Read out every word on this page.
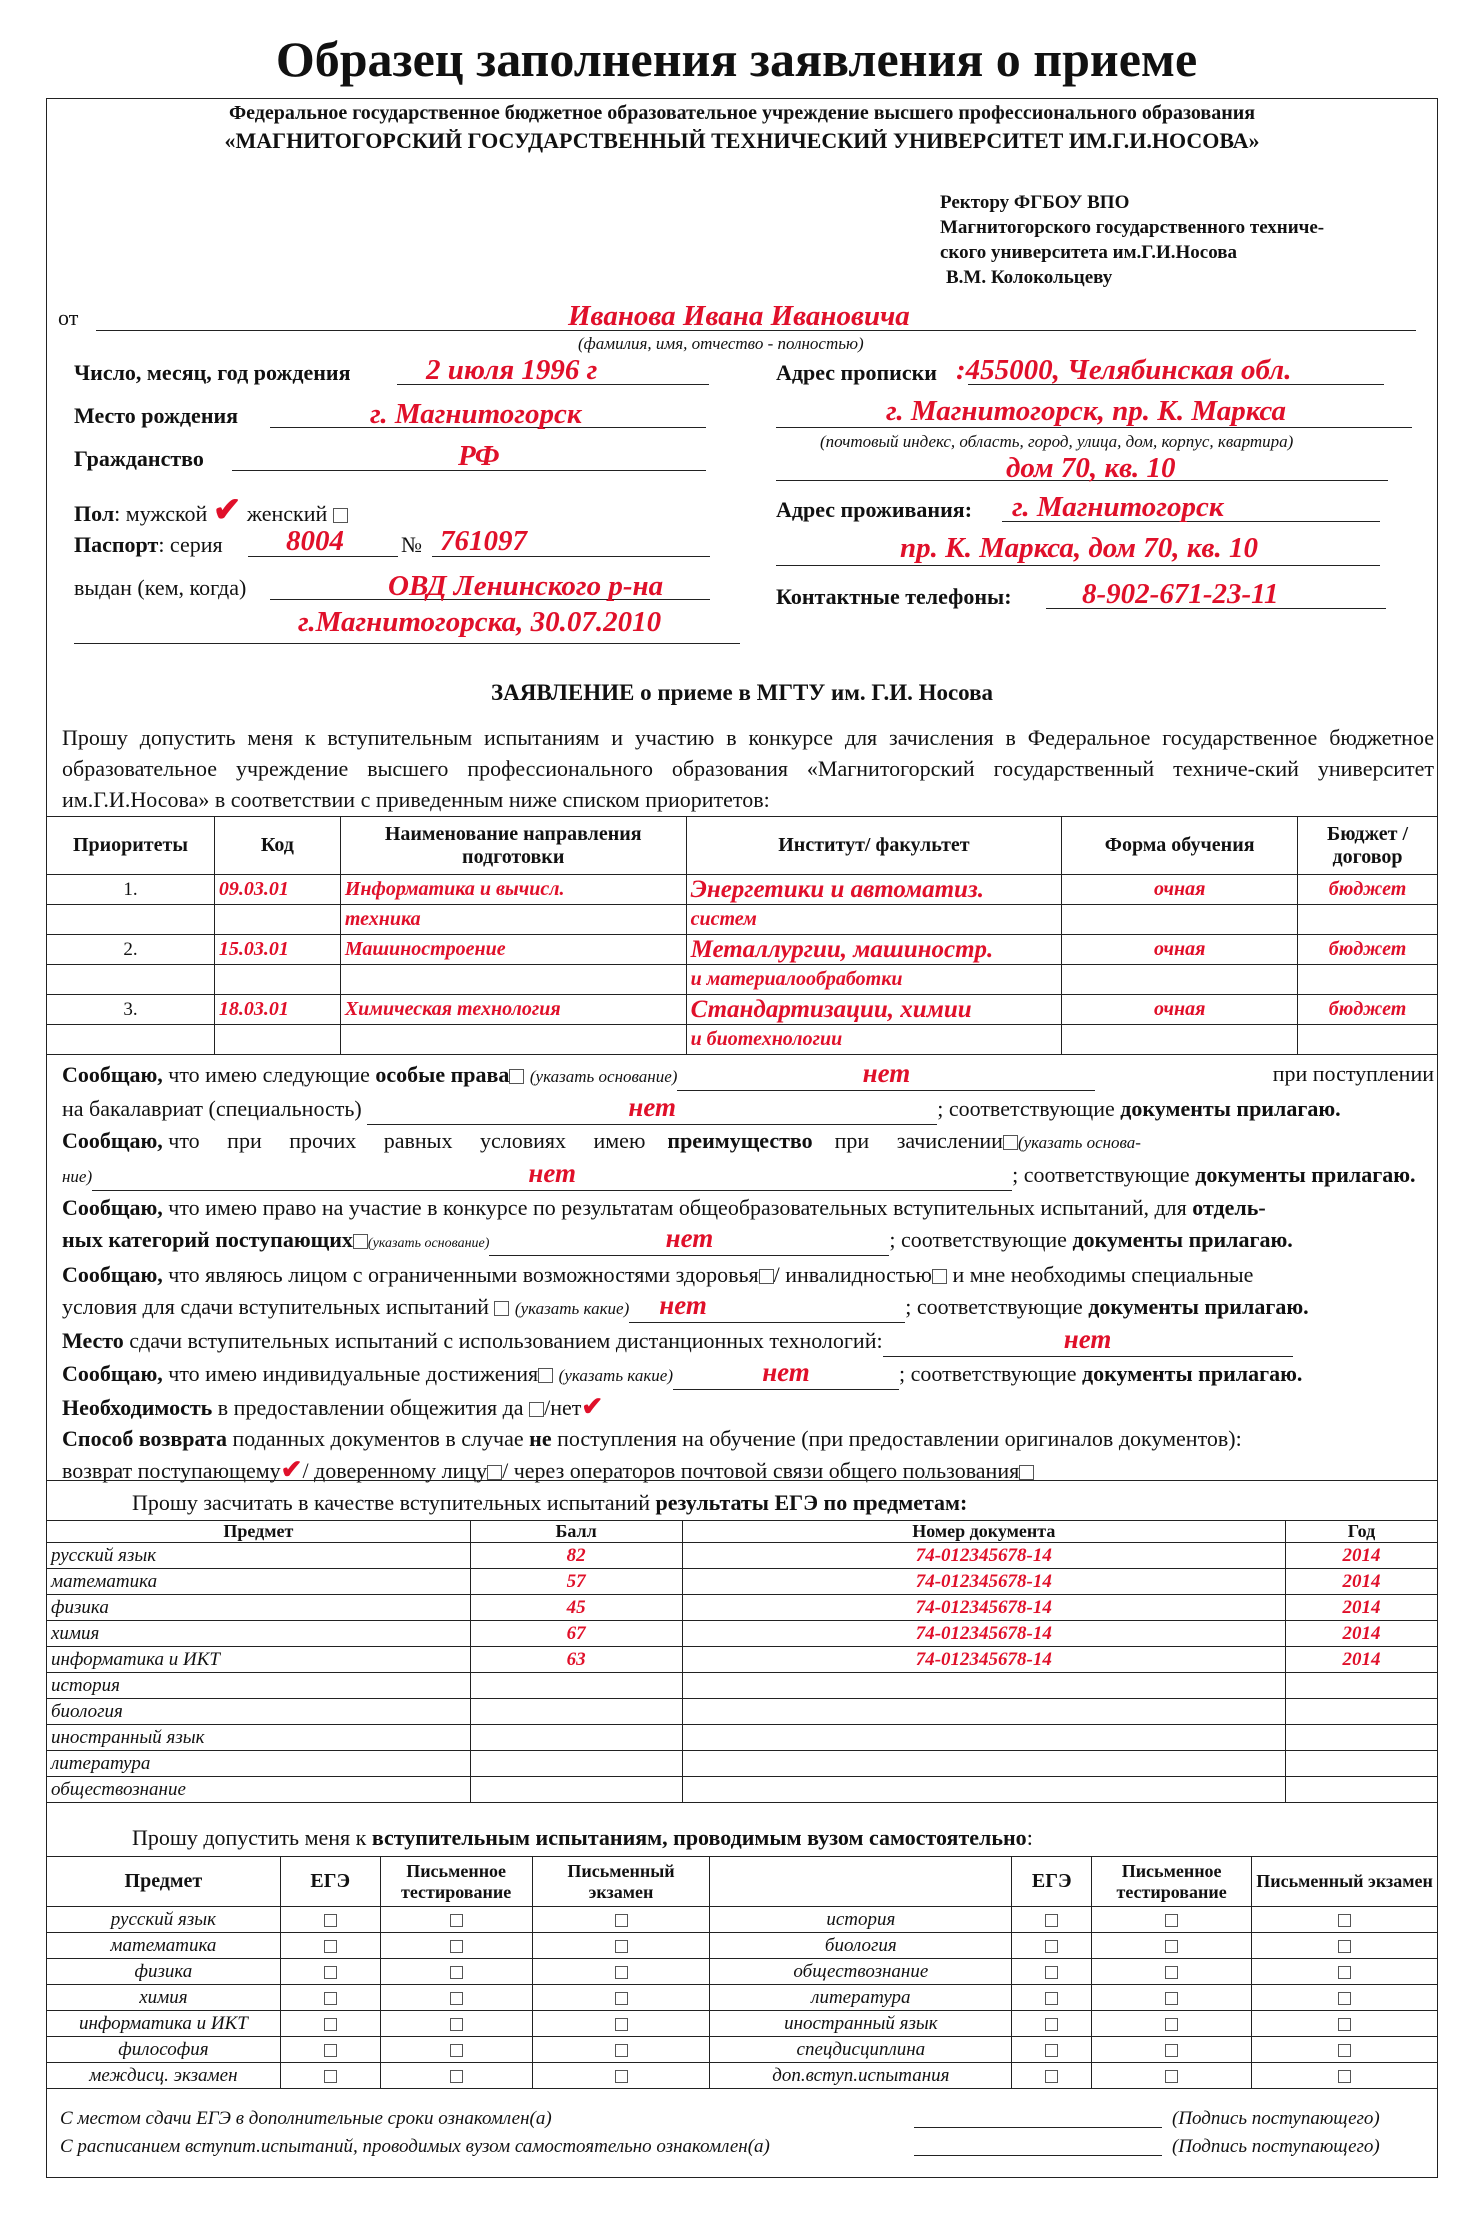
Образец заполнения заявления о приеме
Федеральное государственное бюджетное образовательное учреждение высшего профессионального образования
«МАГНИТОГОРСКИЙ ГОСУДАРСТВЕННЫЙ ТЕХНИЧЕСКИЙ УНИВЕРСИТЕТ ИМ.Г.И.НОСОВА»
Ректору ФГБОУ ВПО
Магнитогорского государственного техниче-
ского университета им.Г.И.Носова
В.М. Колокольцеву
от	Иванова Ивана Ивановича
(фамилия, имя, отчество - полностью)
Число, месяц, год рождения	2 июля 1996 г
Место рождения	г. Магнитогорск
Гражданство	РФ
Пол: мужской ✔ женский
Паспорт: серия 8004	№ 761097
выдан (кем, когда)	ОВД Ленинского р-на
г.Магнитогорска, 30.07.2010
Адрес прописки :455000, Челябинская обл.
г. Магнитогорск, пр. К. Маркса
(почтовый индекс, область, город, улица, дом, корпус, квартира)
дом 70, кв. 10
Адрес проживания: г. Магнитогорск
пр. К. Маркса, дом 70, кв. 10
Контактные телефоны: 8-902-671-23-11
ЗАЯВЛЕНИЕ о приеме в МГТУ им. Г.И. Носова
Прошу допустить меня к вступительным испытаниям и участию в конкурсе для зачисления в Федеральное государственное бюджетное образовательное учреждение высшего профессионального образования «Магнитогорский государственный техниче-ский университет им.Г.И.Носова» в соответствии с приведенным ниже списком приоритетов:
Приоритеты	Код	Наименование направления подготовки	Институт/ факультет	Форма обучения	Бюджет / договор
1.	09.03.01	Информатика и вычисл.	Энергетики и автоматиз.	очная	бюджет
		техника	систем		
2.	15.03.01	Машиностроение	Металлургии, машиностр.	очная	бюджет
			и материалообработки		
3.	18.03.01	Химическая технология	Стандартизации, химии	очная	бюджет
			и биотехнологии		
Сообщаю, что имею следующие особые права (указать основание)	нет	при поступлении
на бакалавриат (специальность)	нет	; соответствующие документы прилагаю.
Сообщаю, что     при     прочих     равных     условиях     имею преимущество при     зачислении (указать основа-
ние)	нет	; соответствующие документы прилагаю.
Сообщаю, что имею право на участие в конкурсе по результатам общеобразовательных вступительных испытаний, для отдель-
ных категорий поступающих (указать основание)	нет	; соответствующие документы прилагаю.
Сообщаю, что являюсь лицом с ограниченными возможностями здоровья / инвалидностью и мне необходимы специальные
условия для сдачи вступительных испытаний (указать какие) нет	; соответствующие документы прилагаю.
Место сдачи вступительных испытаний с использованием дистанционных технологий:	нет
Сообщаю, что имею индивидуальные достижения (указать какие)	нет	; соответствующие документы прилагаю.
Необходимость в предоставлении общежития да /нет✔
Способ возврата поданных документов в случае не поступления на обучение (при предоставлении оригиналов документов):
возврат поступающему✔/ доверенному лицу / через операторов почтовой связи общего пользования
Прошу засчитать в качестве вступительных испытаний результаты ЕГЭ по предметам:
Предмет	Балл	Номер документа	Год
русский язык	82	74-012345678-14	2014
математика	57	74-012345678-14	2014
физика	45	74-012345678-14	2014
химия	67	74-012345678-14	2014
информатика и ИКТ	63	74-012345678-14	2014
история			
биология			
иностранный язык			
литература			
обществознание			
Прошу допустить меня к вступительным испытаниям, проводимым вузом самостоятельно:
Предмет	ЕГЭ	Письменное тестирование	Письменный экзамен		ЕГЭ	Письменное тестирование	Письменный экзамен
русский язык				история			
математика				биология			
физика				обществознание			
химия				литература			
информатика и ИКТ				иностранный язык			
философия				спецдисциплина			
междисц. экзамен				доп.вступ.испытания			
С местом сдачи ЕГЭ в дополнительные сроки ознакомлен(а)	(Подпись поступающего)
С расписанием вступит.испытаний, проводимых вузом самостоятельно ознакомлен(а)	(Подпись поступающего)
